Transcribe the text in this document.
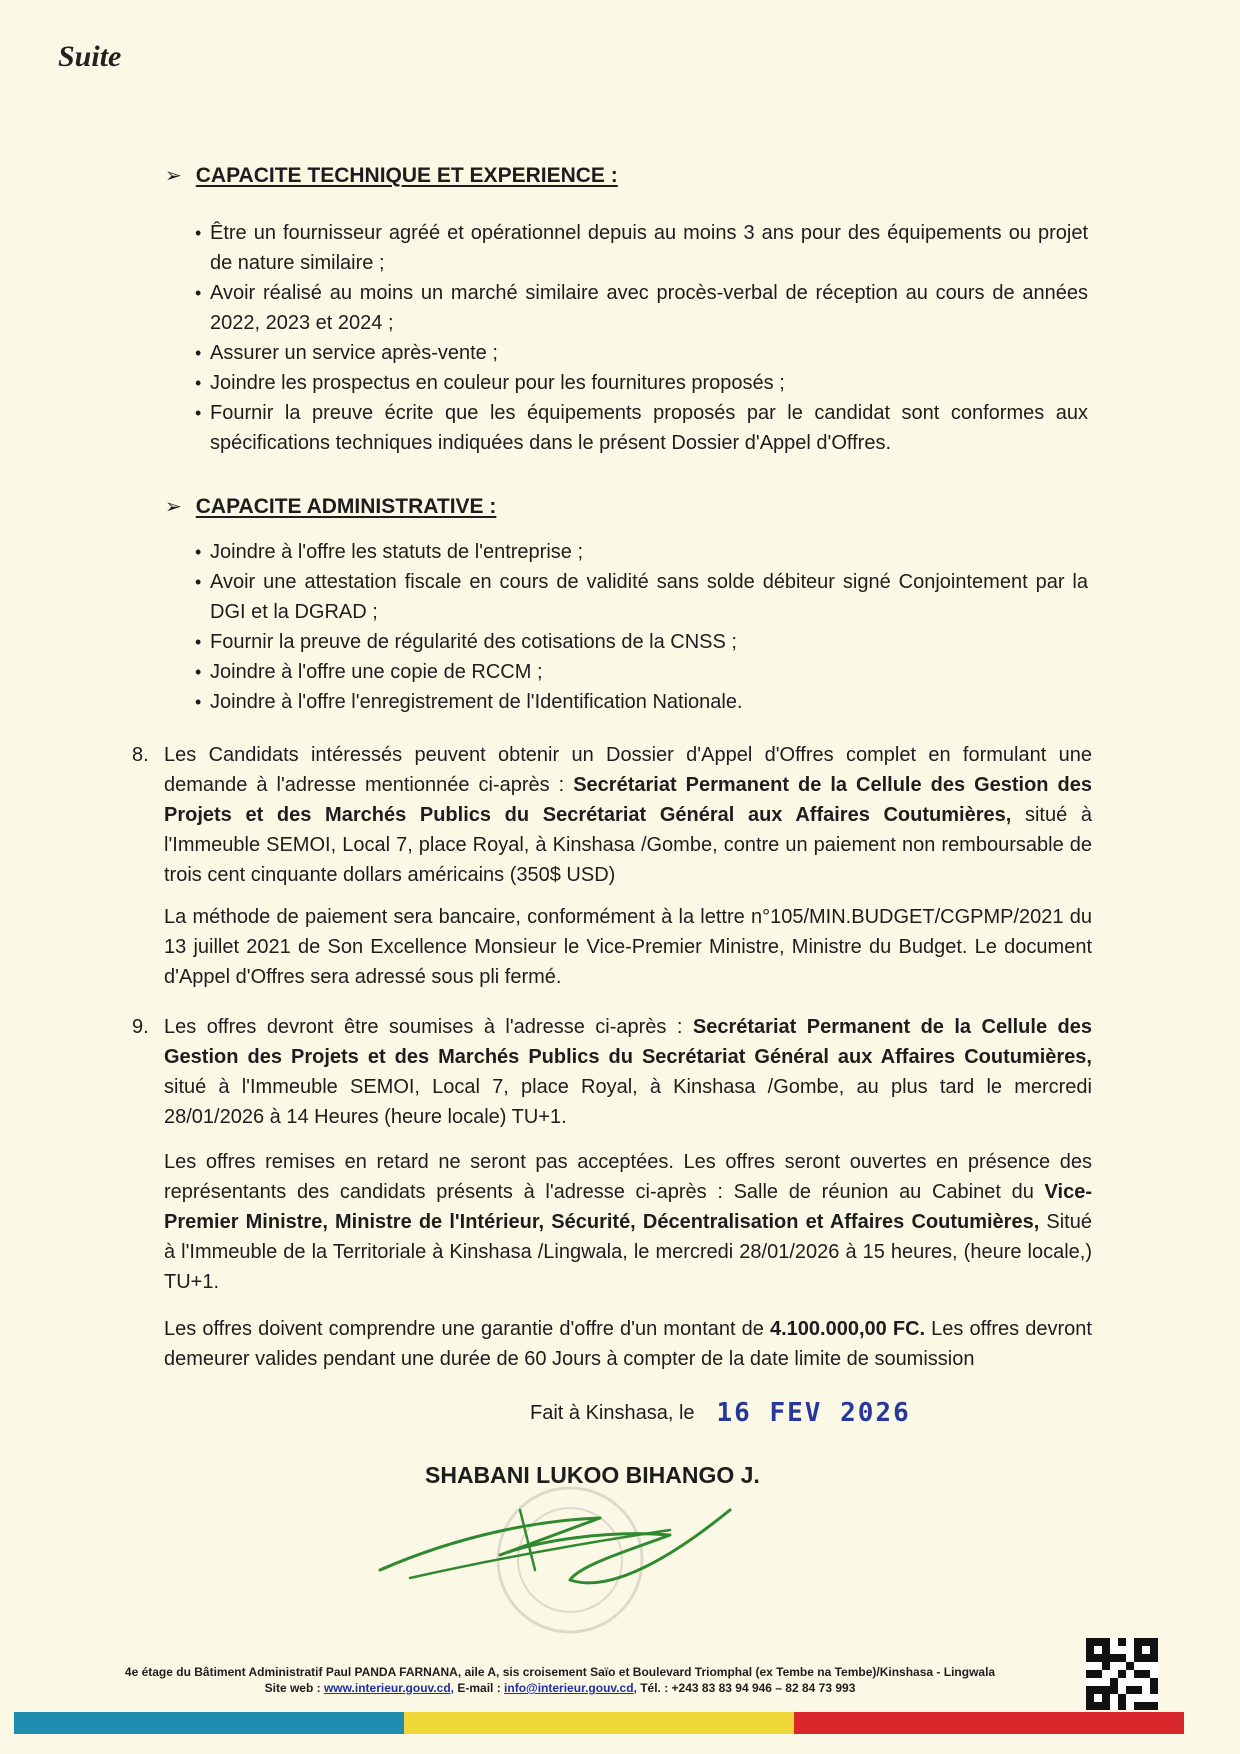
Suite
➢ CAPACITE TECHNIQUE ET EXPERIENCE :
• Être un fournisseur agréé et opérationnel depuis au moins 3 ans pour des équipements ou projet de nature similaire ;
• Avoir réalisé au moins un marché similaire avec procès-verbal de réception au cours de années 2022, 2023 et 2024 ;
• Assurer un service après-vente ;
• Joindre les prospectus en couleur pour les fournitures proposés ;
• Fournir la preuve écrite que les équipements proposés par le candidat sont conformes aux spécifications techniques indiquées dans le présent Dossier d'Appel d'Offres.
➢ CAPACITE ADMINISTRATIVE :
• Joindre à l'offre les statuts de l'entreprise ;
• Avoir une attestation fiscale en cours de validité sans solde débiteur signé Conjointement par la DGI et la DGRAD ;
• Fournir la preuve de régularité des cotisations de la CNSS ;
• Joindre à l'offre une copie de RCCM ;
• Joindre à l'offre l'enregistrement de l'Identification Nationale.
8. Les Candidats intéressés peuvent obtenir un Dossier d'Appel d'Offres complet en formulant une demande à l'adresse mentionnée ci-après : Secrétariat Permanent de la Cellule des Gestion des Projets et des Marchés Publics du Secrétariat Général aux Affaires Coutumières, situé à l'Immeuble SEMOI, Local 7, place Royal, à Kinshasa /Gombe, contre un paiement non remboursable de trois cent cinquante dollars américains (350$ USD)
La méthode de paiement sera bancaire, conformément à la lettre n°105/MIN.BUDGET/CGPMP/2021 du 13 juillet 2021 de Son Excellence Monsieur le Vice-Premier Ministre, Ministre du Budget. Le document d'Appel d'Offres sera adressé sous pli fermé.
9. Les offres devront être soumises à l'adresse ci-après : Secrétariat Permanent de la Cellule des Gestion des Projets et des Marchés Publics du Secrétariat Général aux Affaires Coutumières, situé à l'Immeuble SEMOI, Local 7, place Royal, à Kinshasa /Gombe, au plus tard le mercredi 28/01/2026 à 14 Heures (heure locale) TU+1.
Les offres remises en retard ne seront pas acceptées. Les offres seront ouvertes en présence des représentants des candidats présents à l'adresse ci-après : Salle de réunion au Cabinet du Vice-Premier Ministre, Ministre de l'Intérieur, Sécurité, Décentralisation et Affaires Coutumières, Situé à l'Immeuble de la Territoriale à Kinshasa /Lingwala, le mercredi 28/01/2026 à 15 heures, (heure locale,) TU+1.
Les offres doivent comprendre une garantie d'offre d'un montant de 4.100.000,00 FC. Les offres devront demeurer valides pendant une durée de 60 Jours à compter de la date limite de soumission
Fait à Kinshasa, le 16 FEV 2026
SHABANI LUKOO BIHANGO J.
4e étage du Bâtiment Administratif Paul PANDA FARNANA, aile A, sis croisement Saïo et Boulevard Triomphal (ex Tembe na Tembe)/Kinshasa - Lingwala
Site web : www.interieur.gouv.cd, E-mail : info@interieur.gouv.cd, Tél. : +243 83 83 94 946 – 82 84 73 993
